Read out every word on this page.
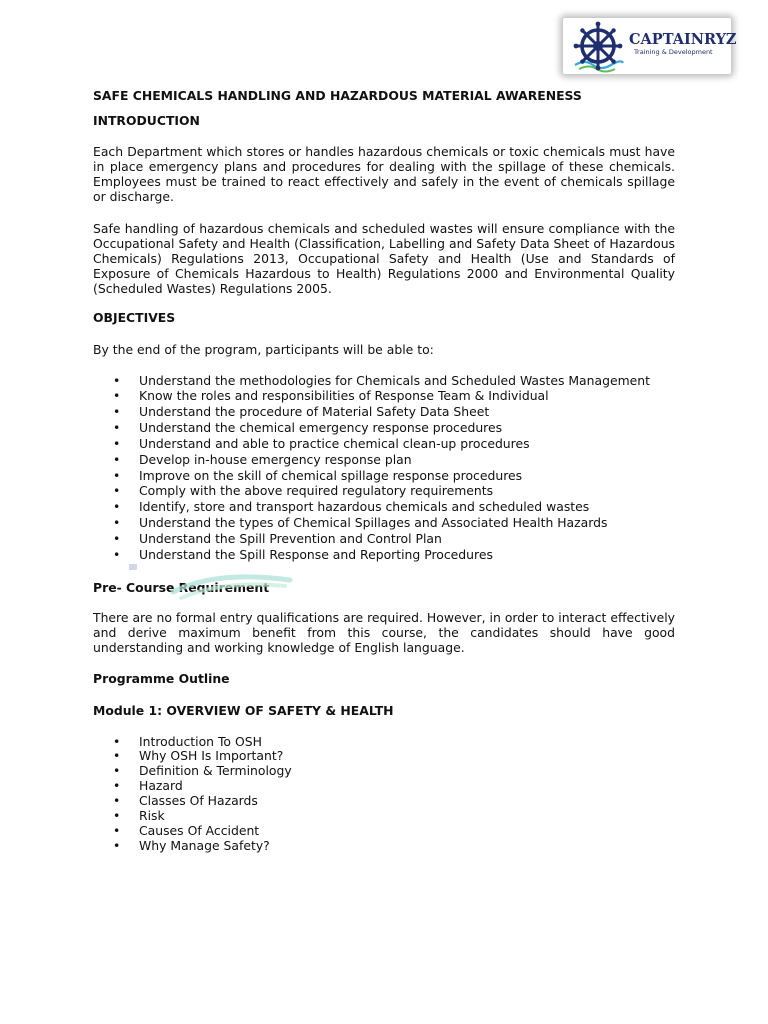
CAPTAINRYZ
Training & Development
SAFE CHEMICALS HANDLING AND HAZARDOUS MATERIAL AWARENESS
INTRODUCTION

Each Department which stores or handles hazardous chemicals or toxic chemicals must have in place emergency plans and procedures for dealing with the spillage of these chemicals. Employees must be trained to react effectively and safely in the event of chemicals spillage or discharge.

Safe handling of hazardous chemicals and scheduled wastes will ensure compliance with the Occupational Safety and Health (Classification, Labelling and Safety Data Sheet of Hazardous Chemicals) Regulations 2013, Occupational Safety and Health (Use and Standards of Exposure of Chemicals Hazardous to Health) Regulations 2000 and Environmental Quality (Scheduled Wastes) Regulations 2005.

OBJECTIVES

By the end of the program, participants will be able to:

• Understand the methodologies for Chemicals and Scheduled Wastes Management
• Know the roles and responsibilities of Response Team & Individual
• Understand the procedure of Material Safety Data Sheet
• Understand the chemical emergency response procedures
• Understand and able to practice chemical clean-up procedures
• Develop in-house emergency response plan
• Improve on the skill of chemical spillage response procedures
• Comply with the above required regulatory requirements
• Identify, store and transport hazardous chemicals and scheduled wastes
• Understand the types of Chemical Spillages and Associated Health Hazards
• Understand the Spill Prevention and Control Plan
• Understand the Spill Response and Reporting Procedures
Pre- Course Requirement

There are no formal entry qualifications are required. However, in order to interact effectively and derive maximum benefit from this course, the candidates should have good understanding and working knowledge of English language.

Programme Outline
Module 1: OVERVIEW OF SAFETY & HEALTH
• Introduction To OSH
• Why OSH Is Important?
• Definition & Terminology
• Hazard
• Classes Of Hazards
• Risk
• Causes Of Accident
• Why Manage Safety?
